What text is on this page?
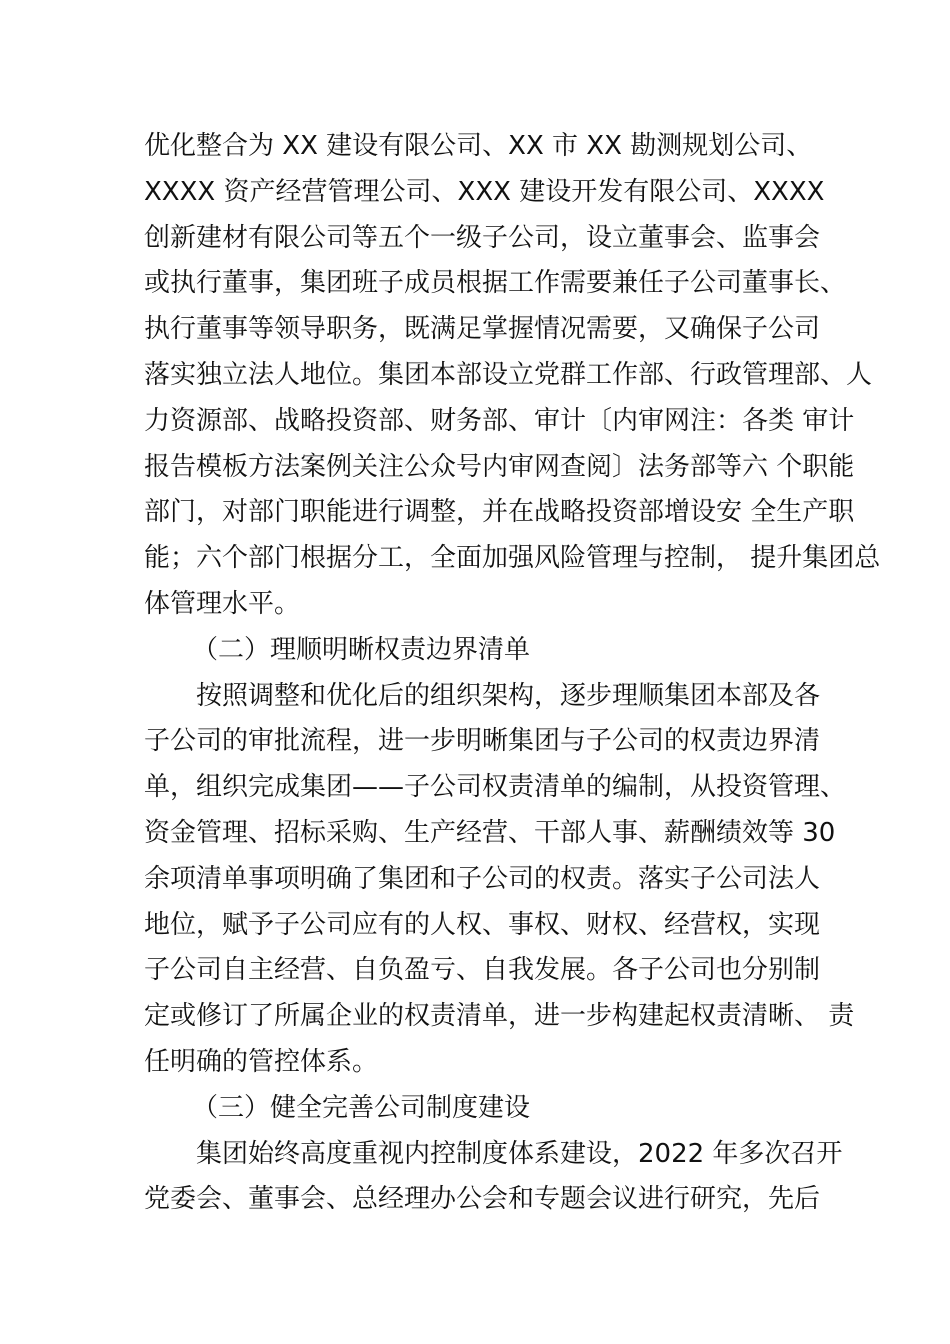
优化整合为 XX 建设有限公司、XX 市 XX 勘测规划公司、
XXXX 资产经营管理公司、XXX 建设开发有限公司、XXXX
创新建材有限公司等五个一级子公司，设立董事会、监事会
或执行董事，集团班子成员根据工作需要兼任子公司董事长、
执行董事等领导职务，既满足掌握情况需要，又确保子公司
落实独立法人地位。集团本部设立党群工作部、行政管理部、人
力资源部、战略投资部、财务部、审计〔内审网注：各类 审计
报告模板方法案例关注公众号内审网查阅〕法务部等六 个职能
部门，对部门职能进行调整，并在战略投资部增设安 全生产职
能；六个部门根据分工，全面加强风险管理与控制， 提升集团总
体管理水平。
（二）理顺明晰权责边界清单
按照调整和优化后的组织架构，逐步理顺集团本部及各
子公司的审批流程，进一步明晰集团与子公司的权责边界清
单，组织完成集团——子公司权责清单的编制，从投资管理、
资金管理、招标采购、生产经营、干部人事、薪酬绩效等 30
余项清单事项明确了集团和子公司的权责。落实子公司法人
地位，赋予子公司应有的人权、事权、财权、经营权，实现
子公司自主经营、自负盈亏、自我发展。各子公司也分别制
定或修订了所属企业的权责清单，进一步构建起权责清晰、 责
任明确的管控体系。
（三）健全完善公司制度建设
集团始终高度重视内控制度体系建设，2022 年多次召开
党委会、董事会、总经理办公会和专题会议进行研究，先后
